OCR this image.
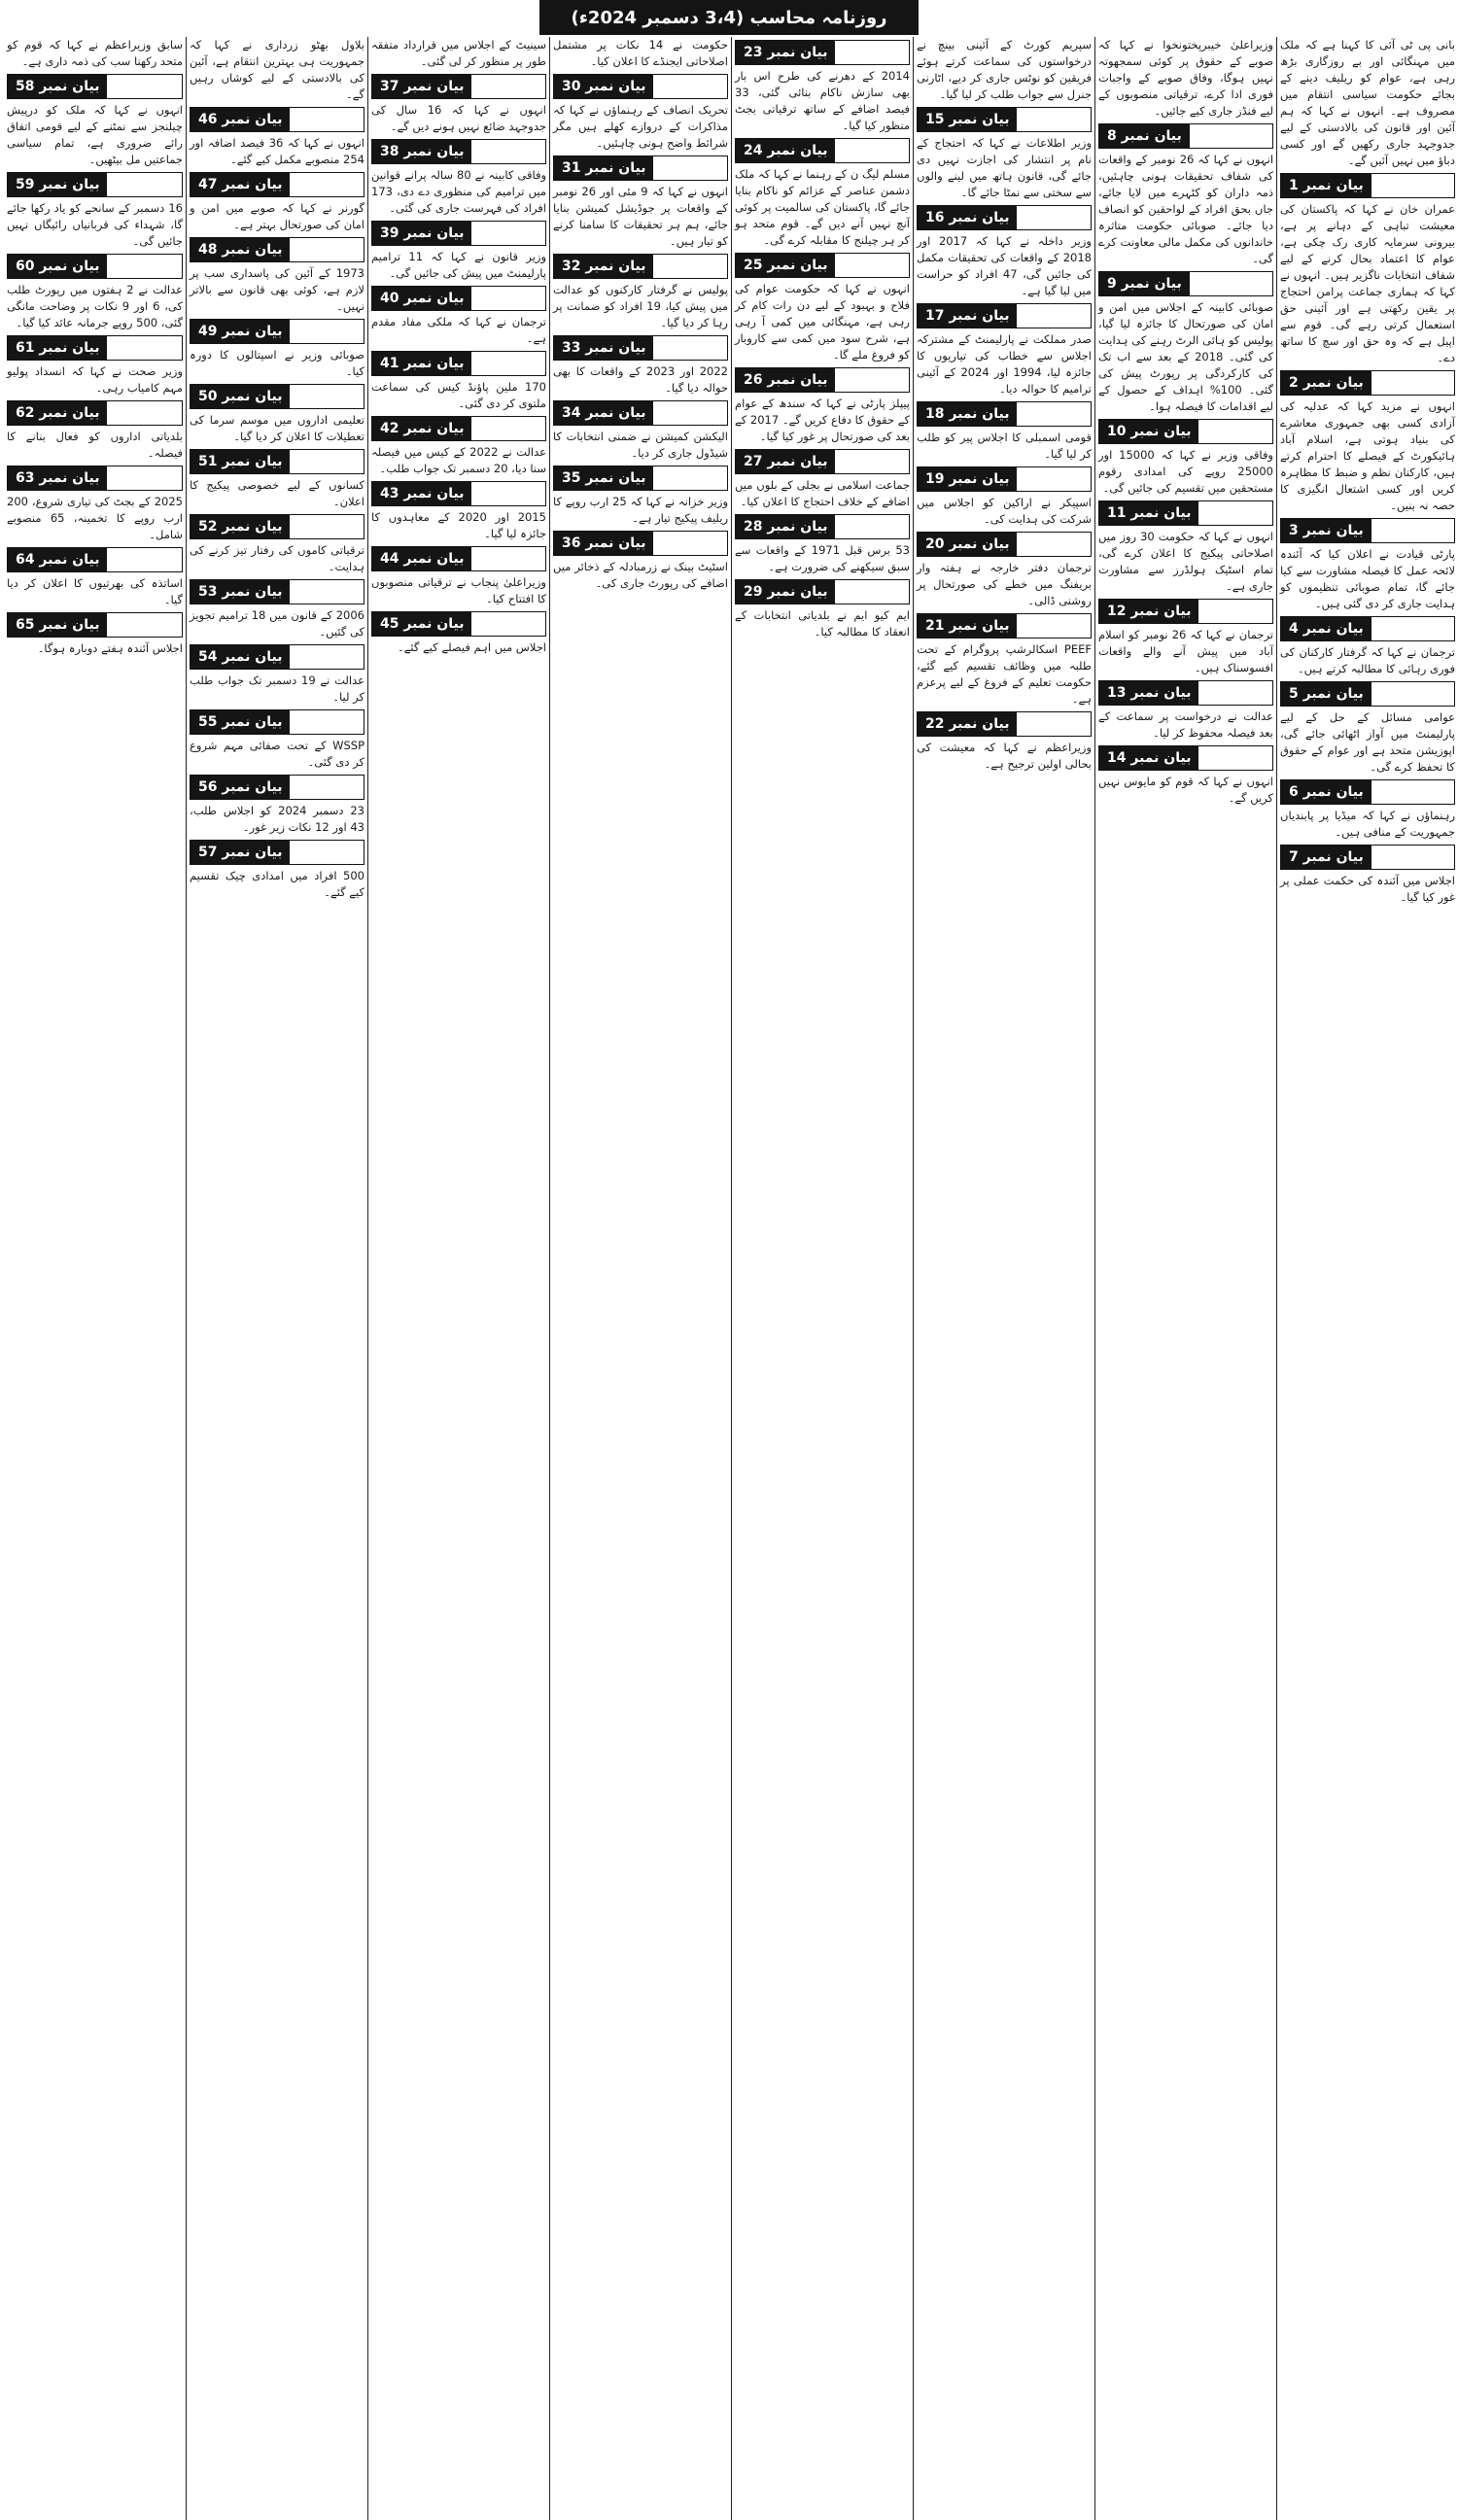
روزنامہ محاسب (3،4 دسمبر 2024ء)

بانی پی ٹی آئی کا کہنا ہے کہ ملک میں مہنگائی اور بے روزگاری بڑھ رہی ہے، عوام کو ریلیف دینے کے بجائے حکومت سیاسی انتقام میں مصروف ہے۔ انہوں نے کہا کہ ہم آئین اور قانون کی بالادستی کے لیے جدوجہد جاری رکھیں گے اور کسی دباؤ میں نہیں آئیں گے۔

بیان نمبر 1

عمران خان نے کہا کہ پاکستان کی معیشت تباہی کے دہانے پر ہے، بیرونی سرمایہ کاری رک چکی ہے، عوام کا اعتماد بحال کرنے کے لیے شفاف انتخابات ناگزیر ہیں۔ انہوں نے کہا کہ ہماری جماعت پرامن احتجاج پر یقین رکھتی ہے اور آئینی حق استعمال کرتی رہے گی۔ قوم سے اپیل ہے کہ وہ حق اور سچ کا ساتھ دے۔

بیان نمبر 2

انہوں نے مزید کہا کہ عدلیہ کی آزادی کسی بھی جمہوری معاشرے کی بنیاد ہوتی ہے، اسلام آباد ہائیکورٹ کے فیصلے کا احترام کرتے ہیں، کارکنان نظم و ضبط کا مظاہرہ کریں اور کسی اشتعال انگیزی کا حصہ نہ بنیں۔

بیان نمبر 3

پارٹی قیادت نے اعلان کیا کہ آئندہ لائحہ عمل کا فیصلہ مشاورت سے کیا جائے گا، تمام صوبائی تنظیموں کو ہدایت جاری کر دی گئی ہیں۔

بیان نمبر 4

ترجمان نے کہا کہ گرفتار کارکنان کی فوری رہائی کا مطالبہ کرتے ہیں۔

بیان نمبر 5

عوامی مسائل کے حل کے لیے پارلیمنٹ میں آواز اٹھائی جائے گی، اپوزیشن متحد ہے اور عوام کے حقوق کا تحفظ کرے گی۔

بیان نمبر 6

رہنماؤں نے کہا کہ میڈیا پر پابندیاں جمہوریت کے منافی ہیں۔

بیان نمبر 7

اجلاس میں آئندہ کی حکمت عملی پر غور کیا گیا۔

وزیراعلیٰ خیبرپختونخوا نے کہا کہ صوبے کے حقوق پر کوئی سمجھوتہ نہیں ہوگا، وفاق صوبے کے واجبات فوری ادا کرے، ترقیاتی منصوبوں کے لیے فنڈز جاری کیے جائیں۔

بیان نمبر 8

انہوں نے کہا کہ 26 نومبر کے واقعات کی شفاف تحقیقات ہونی چاہئیں، ذمہ داران کو کٹہرے میں لایا جائے، جاں بحق افراد کے لواحقین کو انصاف دیا جائے۔ صوبائی حکومت متاثرہ خاندانوں کی مکمل مالی معاونت کرے گی۔

بیان نمبر 9

صوبائی کابینہ کے اجلاس میں امن و امان کی صورتحال کا جائزہ لیا گیا، پولیس کو ہائی الرٹ رہنے کی ہدایت کی گئی۔ 2018 کے بعد سے اب تک کی کارکردگی پر رپورٹ پیش کی گئی۔ 100% اہداف کے حصول کے لیے اقدامات کا فیصلہ ہوا۔

بیان نمبر 10

وفاقی وزیر نے کہا کہ 15000 اور 25000 روپے کی امدادی رقوم مستحقین میں تقسیم کی جائیں گی۔

بیان نمبر 11

انہوں نے کہا کہ حکومت 30 روز میں اصلاحاتی پیکیج کا اعلان کرے گی، تمام اسٹیک ہولڈرز سے مشاورت جاری ہے۔

بیان نمبر 12

ترجمان نے کہا کہ 26 نومبر کو اسلام آباد میں پیش آنے والے واقعات افسوسناک ہیں۔

بیان نمبر 13

عدالت نے درخواست پر سماعت کے بعد فیصلہ محفوظ کر لیا۔

بیان نمبر 14

انہوں نے کہا کہ قوم کو مایوس نہیں کریں گے۔

سپریم کورٹ کے آئینی بینچ نے درخواستوں کی سماعت کرتے ہوئے فریقین کو نوٹس جاری کر دیے، اٹارنی جنرل سے جواب طلب کر لیا گیا۔

بیان نمبر 15

وزیر اطلاعات نے کہا کہ احتجاج کے نام پر انتشار کی اجازت نہیں دی جائے گی، قانون ہاتھ میں لینے والوں سے سختی سے نمٹا جائے گا۔

بیان نمبر 16

وزیر داخلہ نے کہا کہ 2017 اور 2018 کے واقعات کی تحقیقات مکمل کی جائیں گی، 47 افراد کو حراست میں لیا گیا ہے۔

بیان نمبر 17

صدر مملکت نے پارلیمنٹ کے مشترکہ اجلاس سے خطاب کی تیاریوں کا جائزہ لیا، 1994 اور 2024 کے آئینی ترامیم کا حوالہ دیا۔

بیان نمبر 18

قومی اسمبلی کا اجلاس پیر کو طلب کر لیا گیا۔

بیان نمبر 19

اسپیکر نے اراکین کو اجلاس میں شرکت کی ہدایت کی۔

بیان نمبر 20

ترجمان دفتر خارجہ نے ہفتہ وار بریفنگ میں خطے کی صورتحال پر روشنی ڈالی۔

بیان نمبر 21

PEEF اسکالرشپ پروگرام کے تحت طلبہ میں وظائف تقسیم کیے گئے، حکومت تعلیم کے فروغ کے لیے پرعزم ہے۔

بیان نمبر 22

وزیراعظم نے کہا کہ معیشت کی بحالی اولین ترجیح ہے۔

بیان نمبر 23

2014 کے دھرنے کی طرح اس بار بھی سازش ناکام بنائی گئی، 33 فیصد اضافے کے ساتھ ترقیاتی بجٹ منظور کیا گیا۔

بیان نمبر 24

مسلم لیگ ن کے رہنما نے کہا کہ ملک دشمن عناصر کے عزائم کو ناکام بنایا جائے گا، پاکستان کی سالمیت پر کوئی آنچ نہیں آنے دیں گے۔ قوم متحد ہو کر ہر چیلنج کا مقابلہ کرے گی۔

بیان نمبر 25

انہوں نے کہا کہ حکومت عوام کی فلاح و بہبود کے لیے دن رات کام کر رہی ہے، مہنگائی میں کمی آ رہی ہے، شرح سود میں کمی سے کاروبار کو فروغ ملے گا۔

بیان نمبر 26

پیپلز پارٹی نے کہا کہ سندھ کے عوام کے حقوق کا دفاع کریں گے۔ 2017 کے بعد کی صورتحال پر غور کیا گیا۔

بیان نمبر 27

جماعت اسلامی نے بجلی کے بلوں میں اضافے کے خلاف احتجاج کا اعلان کیا۔

بیان نمبر 28

53 برس قبل 1971 کے واقعات سے سبق سیکھنے کی ضرورت ہے۔

بیان نمبر 29

ایم کیو ایم نے بلدیاتی انتخابات کے انعقاد کا مطالبہ کیا۔

حکومت نے 14 نکات پر مشتمل اصلاحاتی ایجنڈے کا اعلان کیا۔

بیان نمبر 30

تحریک انصاف کے رہنماؤں نے کہا کہ مذاکرات کے دروازے کھلے ہیں مگر شرائط واضح ہونی چاہئیں۔

بیان نمبر 31

انہوں نے کہا کہ 9 مئی اور 26 نومبر کے واقعات پر جوڈیشل کمیشن بنایا جائے، ہم ہر تحقیقات کا سامنا کرنے کو تیار ہیں۔

بیان نمبر 32

پولیس نے گرفتار کارکنوں کو عدالت میں پیش کیا، 19 افراد کو ضمانت پر رہا کر دیا گیا۔

بیان نمبر 33

2022 اور 2023 کے واقعات کا بھی حوالہ دیا گیا۔

بیان نمبر 34

الیکشن کمیشن نے ضمنی انتخابات کا شیڈول جاری کر دیا۔

بیان نمبر 35

وزیر خزانہ نے کہا کہ 25 ارب روپے کا ریلیف پیکیج تیار ہے۔

بیان نمبر 36

اسٹیٹ بینک نے زرمبادلہ کے ذخائر میں اضافے کی رپورٹ جاری کی۔

سینیٹ کے اجلاس میں قرارداد متفقہ طور پر منظور کر لی گئی۔

بیان نمبر 37

انہوں نے کہا کہ 16 سال کی جدوجہد ضائع نہیں ہونے دیں گے۔

بیان نمبر 38

وفاقی کابینہ نے 80 سالہ پرانے قوانین میں ترامیم کی منظوری دے دی، 173 افراد کی فہرست جاری کی گئی۔

بیان نمبر 39

وزیر قانون نے کہا کہ 11 ترامیم پارلیمنٹ میں پیش کی جائیں گی۔

بیان نمبر 40

ترجمان نے کہا کہ ملکی مفاد مقدم ہے۔

بیان نمبر 41

170 ملین پاؤنڈ کیس کی سماعت ملتوی کر دی گئی۔

بیان نمبر 42

عدالت نے 2022 کے کیس میں فیصلہ سنا دیا، 20 دسمبر تک جواب طلب۔

بیان نمبر 43

2015 اور 2020 کے معاہدوں کا جائزہ لیا گیا۔

بیان نمبر 44

وزیراعلیٰ پنجاب نے ترقیاتی منصوبوں کا افتتاح کیا۔

بیان نمبر 45

اجلاس میں اہم فیصلے کیے گئے۔

بلاول بھٹو زرداری نے کہا کہ جمہوریت ہی بہترین انتقام ہے، آئین کی بالادستی کے لیے کوشاں رہیں گے۔

بیان نمبر 46

انہوں نے کہا کہ 36 فیصد اضافہ اور 254 منصوبے مکمل کیے گئے۔

بیان نمبر 47

گورنر نے کہا کہ صوبے میں امن و امان کی صورتحال بہتر ہے۔

بیان نمبر 48

1973 کے آئین کی پاسداری سب پر لازم ہے، کوئی بھی قانون سے بالاتر نہیں۔

بیان نمبر 49

صوبائی وزیر نے اسپتالوں کا دورہ کیا۔

بیان نمبر 50

تعلیمی اداروں میں موسم سرما کی تعطیلات کا اعلان کر دیا گیا۔

بیان نمبر 51

کسانوں کے لیے خصوصی پیکیج کا اعلان۔

بیان نمبر 52

ترقیاتی کاموں کی رفتار تیز کرنے کی ہدایت۔

بیان نمبر 53

2006 کے قانون میں 18 ترامیم تجویز کی گئیں۔

بیان نمبر 54

عدالت نے 19 دسمبر تک جواب طلب کر لیا۔

بیان نمبر 55

WSSP کے تحت صفائی مہم شروع کر دی گئی۔

بیان نمبر 56

23 دسمبر 2024 کو اجلاس طلب، 43 اور 12 نکات زیر غور۔

بیان نمبر 57

500 افراد میں امدادی چیک تقسیم کیے گئے۔

سابق وزیراعظم نے کہا کہ قوم کو متحد رکھنا سب کی ذمہ داری ہے۔

بیان نمبر 58

انہوں نے کہا کہ ملک کو درپیش چیلنجز سے نمٹنے کے لیے قومی اتفاق رائے ضروری ہے، تمام سیاسی جماعتیں مل بیٹھیں۔

بیان نمبر 59

16 دسمبر کے سانحے کو یاد رکھا جائے گا، شہداء کی قربانیاں رائیگاں نہیں جائیں گی۔

بیان نمبر 60

عدالت نے 2 ہفتوں میں رپورٹ طلب کی، 6 اور 9 نکات پر وضاحت مانگی گئی، 500 روپے جرمانہ عائد کیا گیا۔

بیان نمبر 61

وزیر صحت نے کہا کہ انسداد پولیو مہم کامیاب رہی۔

بیان نمبر 62

بلدیاتی اداروں کو فعال بنانے کا فیصلہ۔

بیان نمبر 63

2025 کے بجٹ کی تیاری شروع، 200 ارب روپے کا تخمینہ، 65 منصوبے شامل۔

بیان نمبر 64

اساتذہ کی بھرتیوں کا اعلان کر دیا گیا۔

بیان نمبر 65

اجلاس آئندہ ہفتے دوبارہ ہوگا۔
